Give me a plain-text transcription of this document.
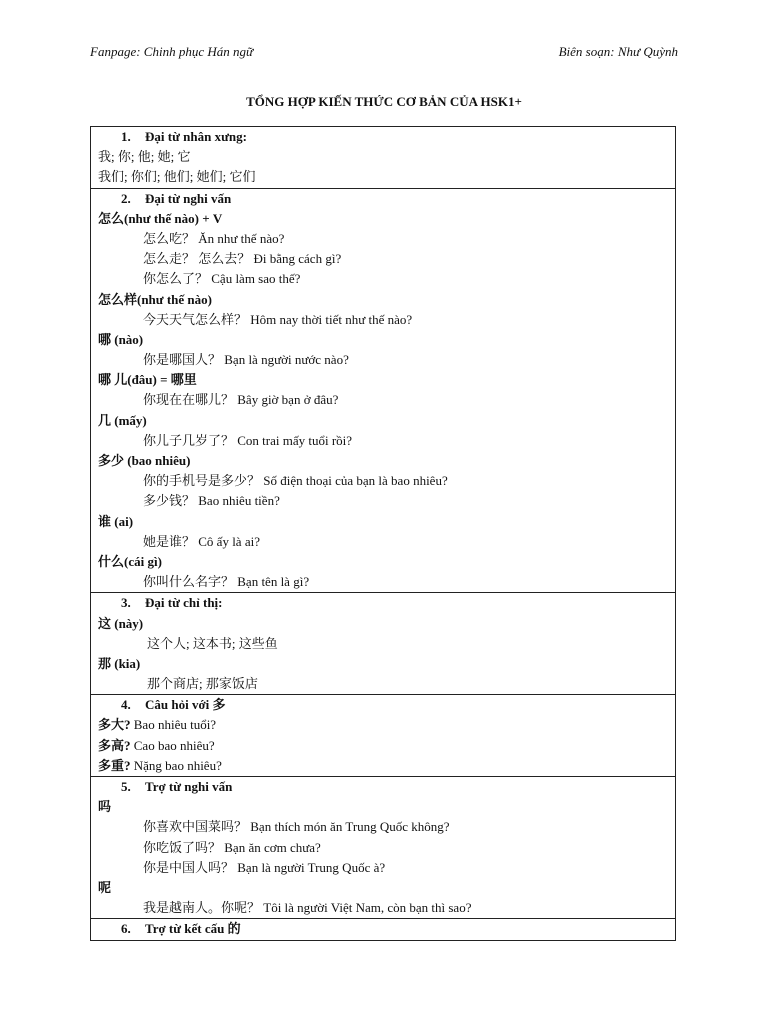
Fanpage: Chinh phục Hán ngữ	Biên soạn: Như Quỳnh
TỔNG HỢP KIẾN THỨC CƠ BẢN CỦA HSK1+
1. Đại từ nhân xưng:
我; 你; 他; 她; 它
我们; 你们; 他们; 她们; 它们
2. Đại từ nghi vấn
怎么(như thế nào) + V
怎么吃？ Ăn như thế nào?
怎么走？ 怎么去？ Đi bằng cách gì?
你怎么了？ Cậu làm sao thế?
怎么样(như thế nào)
今天天气怎么样？ Hôm nay thời tiết như thế nào?
哪 (nào)
你是哪国人？ Bạn là người nước nào?
哪 儿(đâu) = 哪里
你现在在哪儿？ Bây giờ bạn ở đâu?
几 (mấy)
你儿子几岁了？ Con trai mấy tuổi rồi?
多少 (bao nhiêu)
你的手机号是多少？ Số điện thoại của bạn là bao nhiêu?
多少钱？ Bao nhiêu tiền?
谁 (ai)
她是谁？ Cô ấy là ai?
什么(cái gì)
你叫什么名字？ Bạn tên là gì?
3. Đại từ chỉ thị:
这 (này)
这个人; 这本书; 这些鱼
那 (kia)
那个商店; 那家饭店
4. Câu hỏi với 多
多大? Bao nhiêu tuổi?
多高? Cao bao nhiêu?
多重? Nặng bao nhiêu?
5. Trợ từ nghi vấn
吗
你喜欢中国菜吗？ Bạn thích món ăn Trung Quốc không?
你吃饭了吗？ Bạn ăn cơm chưa?
你是中国人吗？ Bạn là người Trung Quốc à?
呢
我是越南人。你呢？ Tôi là người Việt Nam, còn bạn thì sao?
6. Trợ từ kết cấu 的
